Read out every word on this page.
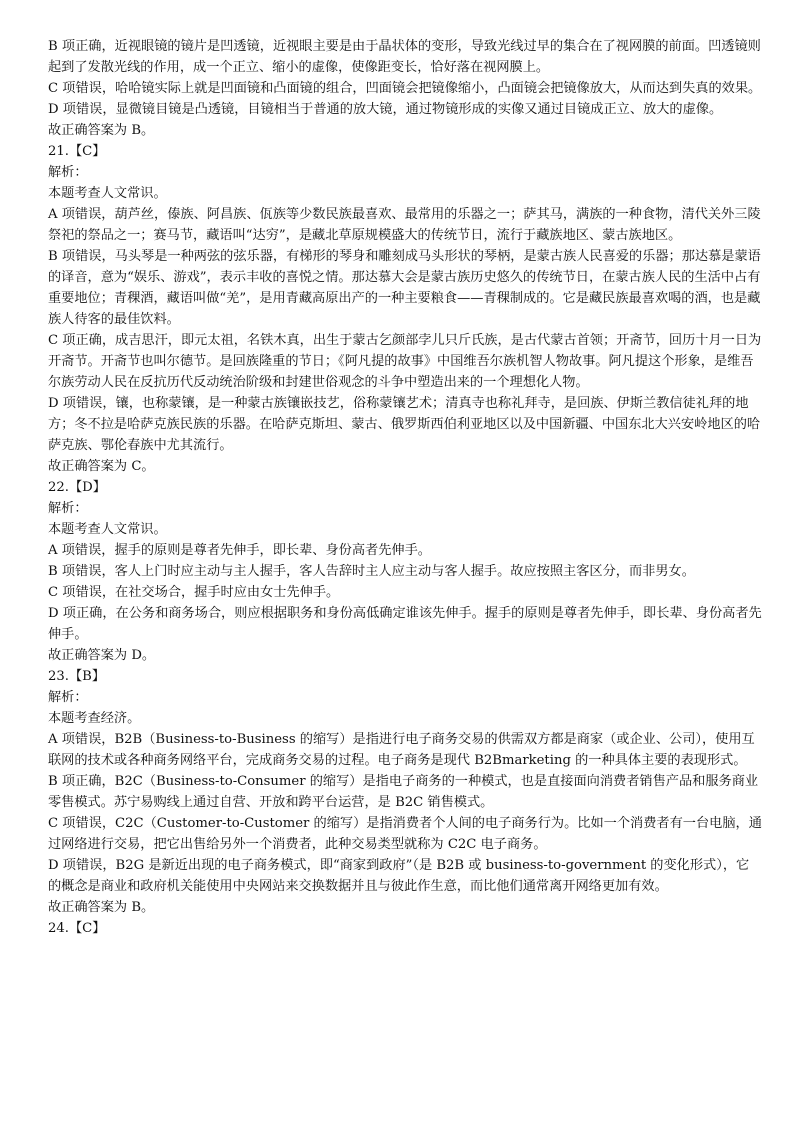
B 项正确，近视眼镜的镜片是凹透镜，近视眼主要是由于晶状体的变形，导致光线过早的集合在了视网膜的前面。凹透镜则起到了发散光线的作用，成一个正立、缩小的虚像，使像距变长，恰好落在视网膜上。

C 项错误，哈哈镜实际上就是凹面镜和凸面镜的组合，凹面镜会把镜像缩小，凸面镜会把镜像放大，从而达到失真的效果。

D 项错误，显微镜目镜是凸透镜，目镜相当于普通的放大镜，通过物镜形成的实像又通过目镜成正立、放大的虚像。

故正确答案为 B。

21.【C】

解析：

本题考查人文常识。

A 项错误，葫芦丝，傣族、阿昌族、佤族等少数民族最喜欢、最常用的乐器之一；萨其马，满族的一种食物，清代关外三陵祭祀的祭品之一；赛马节，藏语叫“达穷”，是藏北草原规模盛大的传统节日，流行于藏族地区、蒙古族地区。

B 项错误，马头琴是一种两弦的弦乐器，有梯形的琴身和雕刻成马头形状的琴柄，是蒙古族人民喜爱的乐器；那达慕是蒙语的译音，意为“娱乐、游戏”，表示丰收的喜悦之情。那达慕大会是蒙古族历史悠久的传统节日，在蒙古族人民的生活中占有重要地位；青稞酒，藏语叫做“羌”，是用青藏高原出产的一种主要粮食——青稞制成的。它是藏民族最喜欢喝的酒，也是藏族人待客的最佳饮料。

C 项正确，成吉思汗，即元太祖，名铁木真，出生于蒙古乞颜部孛儿只斤氏族，是古代蒙古首领；开斋节，回历十月一日为开斋节。开斋节也叫尔德节。是回族隆重的节日；《阿凡提的故事》中国维吾尔族机智人物故事。阿凡提这个形象，是维吾尔族劳动人民在反抗历代反动统治阶级和封建世俗观念的斗争中塑造出来的一个理想化人物。

D 项错误，镶，也称蒙镶，是一种蒙古族镶嵌技艺，俗称蒙镶艺术；清真寺也称礼拜寺，是回族、伊斯兰教信徒礼拜的地方；冬不拉是哈萨克族民族的乐器。在哈萨克斯坦、蒙古、俄罗斯西伯利亚地区以及中国新疆、中国东北大兴安岭地区的哈萨克族、鄂伦春族中尤其流行。

故正确答案为 C。

22.【D】

解析：

本题考查人文常识。

A 项错误，握手的原则是尊者先伸手，即长辈、身份高者先伸手。

B 项错误，客人上门时应主动与主人握手，客人告辞时主人应主动与客人握手。故应按照主客区分，而非男女。

C 项错误，在社交场合，握手时应由女士先伸手。

D 项正确，在公务和商务场合，则应根据职务和身份高低确定谁该先伸手。握手的原则是尊者先伸手，即长辈、身份高者先伸手。

故正确答案为 D。

23.【B】

解析：

本题考查经济。

A 项错误，B2B（Business-to-Business 的缩写）是指进行电子商务交易的供需双方都是商家（或企业、公司），使用互联网的技术或各种商务网络平台，完成商务交易的过程。电子商务是现代 B2Bmarketing 的一种具体主要的表现形式。

B 项正确，B2C（Business-to-Consumer 的缩写）是指电子商务的一种模式，也是直接面向消费者销售产品和服务商业零售模式。苏宁易购线上通过自营、开放和跨平台运营，是 B2C 销售模式。

C 项错误，C2C（Customer-to-Customer 的缩写）是指消费者个人间的电子商务行为。比如一个消费者有一台电脑，通过网络进行交易，把它出售给另外一个消费者，此种交易类型就称为 C2C 电子商务。

D 项错误，B2G 是新近出现的电子商务模式，即“商家到政府”（是 B2B 或 business-to-government 的变化形式），它的概念是商业和政府机关能使用中央网站来交换数据并且与彼此作生意，而比他们通常离开网络更加有效。

故正确答案为 B。

24.【C】
